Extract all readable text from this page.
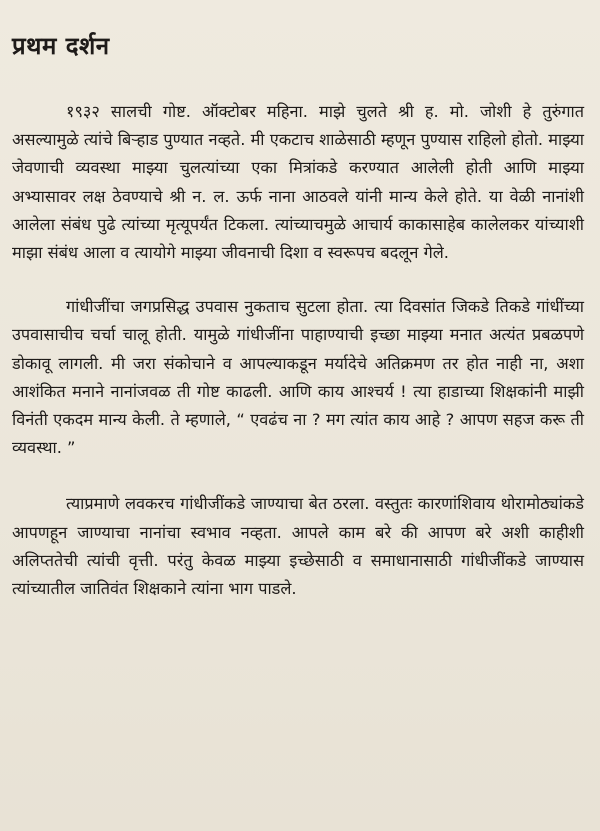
प्रथम दर्शन

१९३२ सालची गोष्ट. ऑक्टोबर महिना. माझे चुलते श्री ह. मो. जोशी हे तुरुंगात असल्यामुळे त्यांचे बिऱ्हाड पुण्यात नव्हते. मी एकटाच शाळेसाठी म्हणून पुण्यास राहिलो होतो. माझ्या जेवणाची व्यवस्था माझ्या चुलत्यांच्या एका मित्रांकडे करण्यात आलेली होती आणि माझ्या अभ्यासावर लक्ष ठेवण्याचे श्री न. ल. ऊर्फ नाना आठवले यांनी मान्य केले होते. या वेळी नानांशी आलेला संबंध पुढे त्यांच्या मृत्यूपर्यंत टिकला. त्यांच्याचमुळे आचार्य काकासाहेब कालेलकर यांच्याशी माझा संबंध आला व त्यायोगे माझ्या जीवनाची दिशा व स्वरूपच बदलून गेले.

गांधीजींचा जगप्रसिद्ध उपवास नुकताच सुटला होता. त्या दिवसांत जिकडे तिकडे गांधींच्या उपवासाचीच चर्चा चालू होती. यामुळे गांधीजींना पाहाण्याची इच्छा माझ्या मनात अत्यंत प्रबळपणे डोकावू लागली. मी जरा संकोचाने व आपल्याकडून मर्यादेचे अतिक्रमण तर होत नाही ना, अशा आशंकित मनाने नानांजवळ ती गोष्ट काढली. आणि काय आश्चर्य ! त्या हाडाच्या शिक्षकांनी माझी विनंती एकदम मान्य केली. ते म्हणाले, “ एवढंच ना ? मग त्यांत काय आहे ? आपण सहज करू ती व्यवस्था. ”

त्याप्रमाणे लवकरच गांधीजींकडे जाण्याचा बेत ठरला. वस्तुतः कारणांशिवाय थोरामोठ्यांकडे आपणहून जाण्याचा नानांचा स्वभाव नव्हता. आपले काम बरे की आपण बरे अशी काहीशी अलिप्ततेची त्यांची वृत्ती. परंतु केवळ माझ्या इच्छेसाठी व समाधानासाठी गांधीजींकडे जाण्यास त्यांच्यातील जातिवंत शिक्षकाने त्यांना भाग पाडले.
